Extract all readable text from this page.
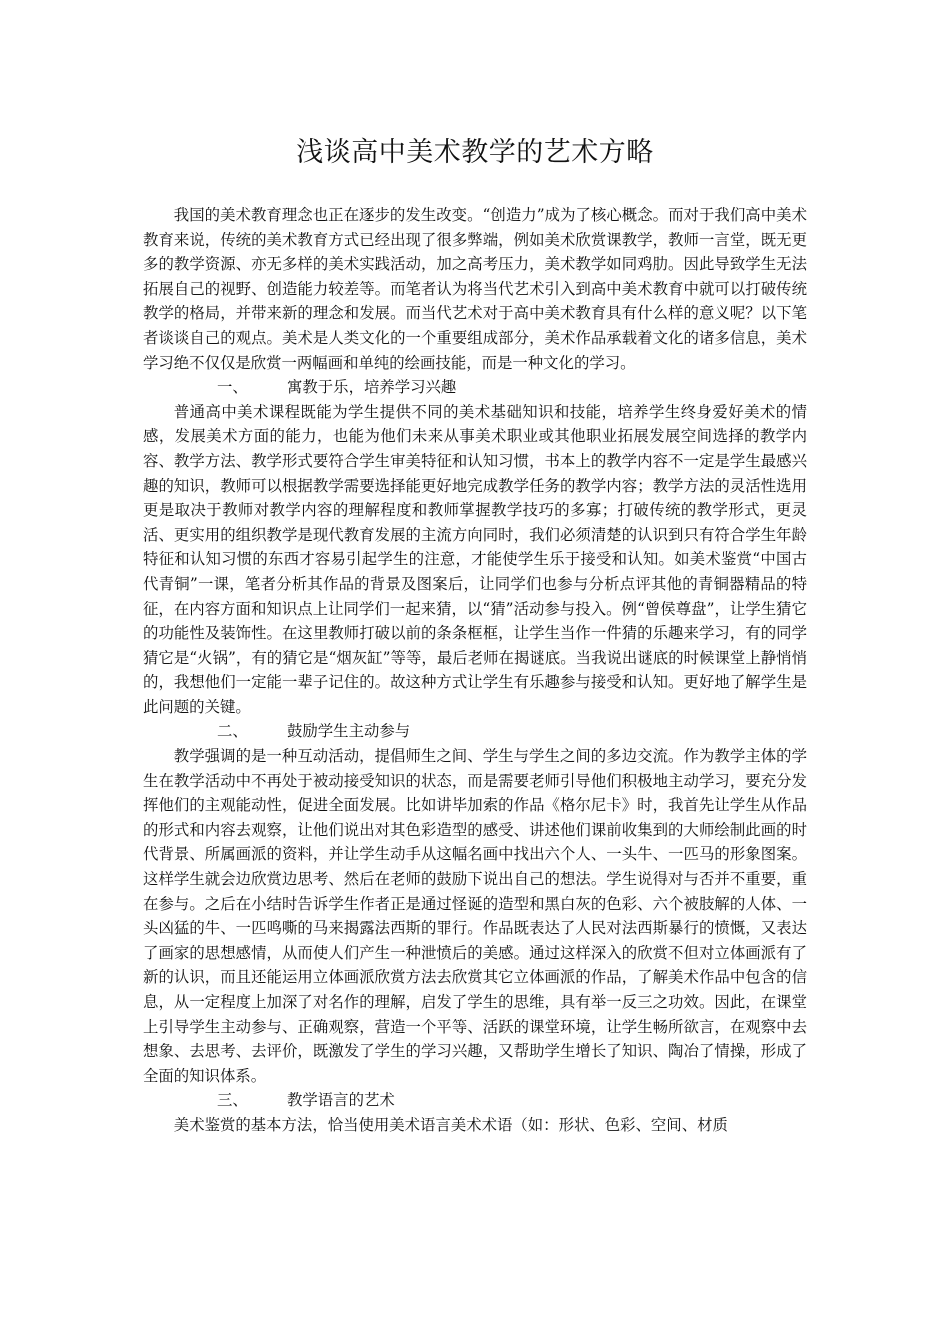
浅谈高中美术教学的艺术方略

我国的美术教育理念也正在逐步的发生改变。“创造力”成为了核心概念。而对于我们高中美术教育来说，传统的美术教育方式已经出现了很多弊端，例如美术欣赏课教学，教师一言堂，既无更多的教学资源、亦无多样的美术实践活动，加之高考压力，美术教学如同鸡肋。因此导致学生无法拓展自己的视野、创造能力较差等。而笔者认为将当代艺术引入到高中美术教育中就可以打破传统教学的格局，并带来新的理念和发展。而当代艺术对于高中美术教育具有什么样的意义呢？以下笔者谈谈自己的观点。美术是人类文化的一个重要组成部分，美术作品承载着文化的诸多信息，美术学习绝不仅仅是欣赏一两幅画和单纯的绘画技能，而是一种文化的学习。

一、	寓教于乐，培养学习兴趣

普通高中美术课程既能为学生提供不同的美术基础知识和技能，培养学生终身爱好美术的情感，发展美术方面的能力，也能为他们未来从事美术职业或其他职业拓展发展空间选择的教学内容、教学方法、教学形式要符合学生审美特征和认知习惯，书本上的教学内容不一定是学生最感兴趣的知识，教师可以根据教学需要选择能更好地完成教学任务的教学内容；教学方法的灵活性选用更是取决于教师对教学内容的理解程度和教师掌握教学技巧的多寡；打破传统的教学形式，更灵活、更实用的组织教学是现代教育发展的主流方向同时，我们必须清楚的认识到只有符合学生年龄特征和认知习惯的东西才容易引起学生的注意，才能使学生乐于接受和认知。如美术鉴赏“中国古代青铜”一课，笔者分析其作品的背景及图案后，让同学们也参与分析点评其他的青铜器精品的特征，在内容方面和知识点上让同学们一起来猜，以“猜”活动参与投入。例“曾侯尊盘”，让学生猜它的功能性及装饰性。在这里教师打破以前的条条框框，让学生当作一件猜的乐趣来学习，有的同学猜它是“火锅”，有的猜它是“烟灰缸”等等，最后老师在揭谜底。当我说出谜底的时候课堂上静悄悄的，我想他们一定能一辈子记住的。故这种方式让学生有乐趣参与接受和认知。更好地了解学生是此问题的关键。

二、	鼓励学生主动参与

教学强调的是一种互动活动，提倡师生之间、学生与学生之间的多边交流。作为教学主体的学生在教学活动中不再处于被动接受知识的状态，而是需要老师引导他们积极地主动学习，要充分发挥他们的主观能动性，促进全面发展。比如讲毕加索的作品《格尔尼卡》时，我首先让学生从作品的形式和内容去观察，让他们说出对其色彩造型的感受、讲述他们课前收集到的大师绘制此画的时代背景、所属画派的资料，并让学生动手从这幅名画中找出六个人、一头牛、一匹马的形象图案。这样学生就会边欣赏边思考、然后在老师的鼓励下说出自己的想法。学生说得对与否并不重要，重在参与。之后在小结时告诉学生作者正是通过怪诞的造型和黑白灰的色彩、六个被肢解的人体、一头凶猛的牛、一匹鸣嘶的马来揭露法西斯的罪行。作品既表达了人民对法西斯暴行的愤慨，又表达了画家的思想感情，从而使人们产生一种泄愤后的美感。通过这样深入的欣赏不但对立体画派有了新的认识，而且还能运用立体画派欣赏方法去欣赏其它立体画派的作品，了解美术作品中包含的信息，从一定程度上加深了对名作的理解，启发了学生的思维，具有举一反三之功效。因此，在课堂上引导学生主动参与、正确观察，营造一个平等、活跃的课堂环境，让学生畅所欲言，在观察中去想象、去思考、去评价，既激发了学生的学习兴趣，又帮助学生增长了知识、陶冶了情操，形成了全面的知识体系。

三、	教学语言的艺术

美术鉴赏的基本方法，恰当使用美术语言美术术语（如：形状、色彩、空间、材质
